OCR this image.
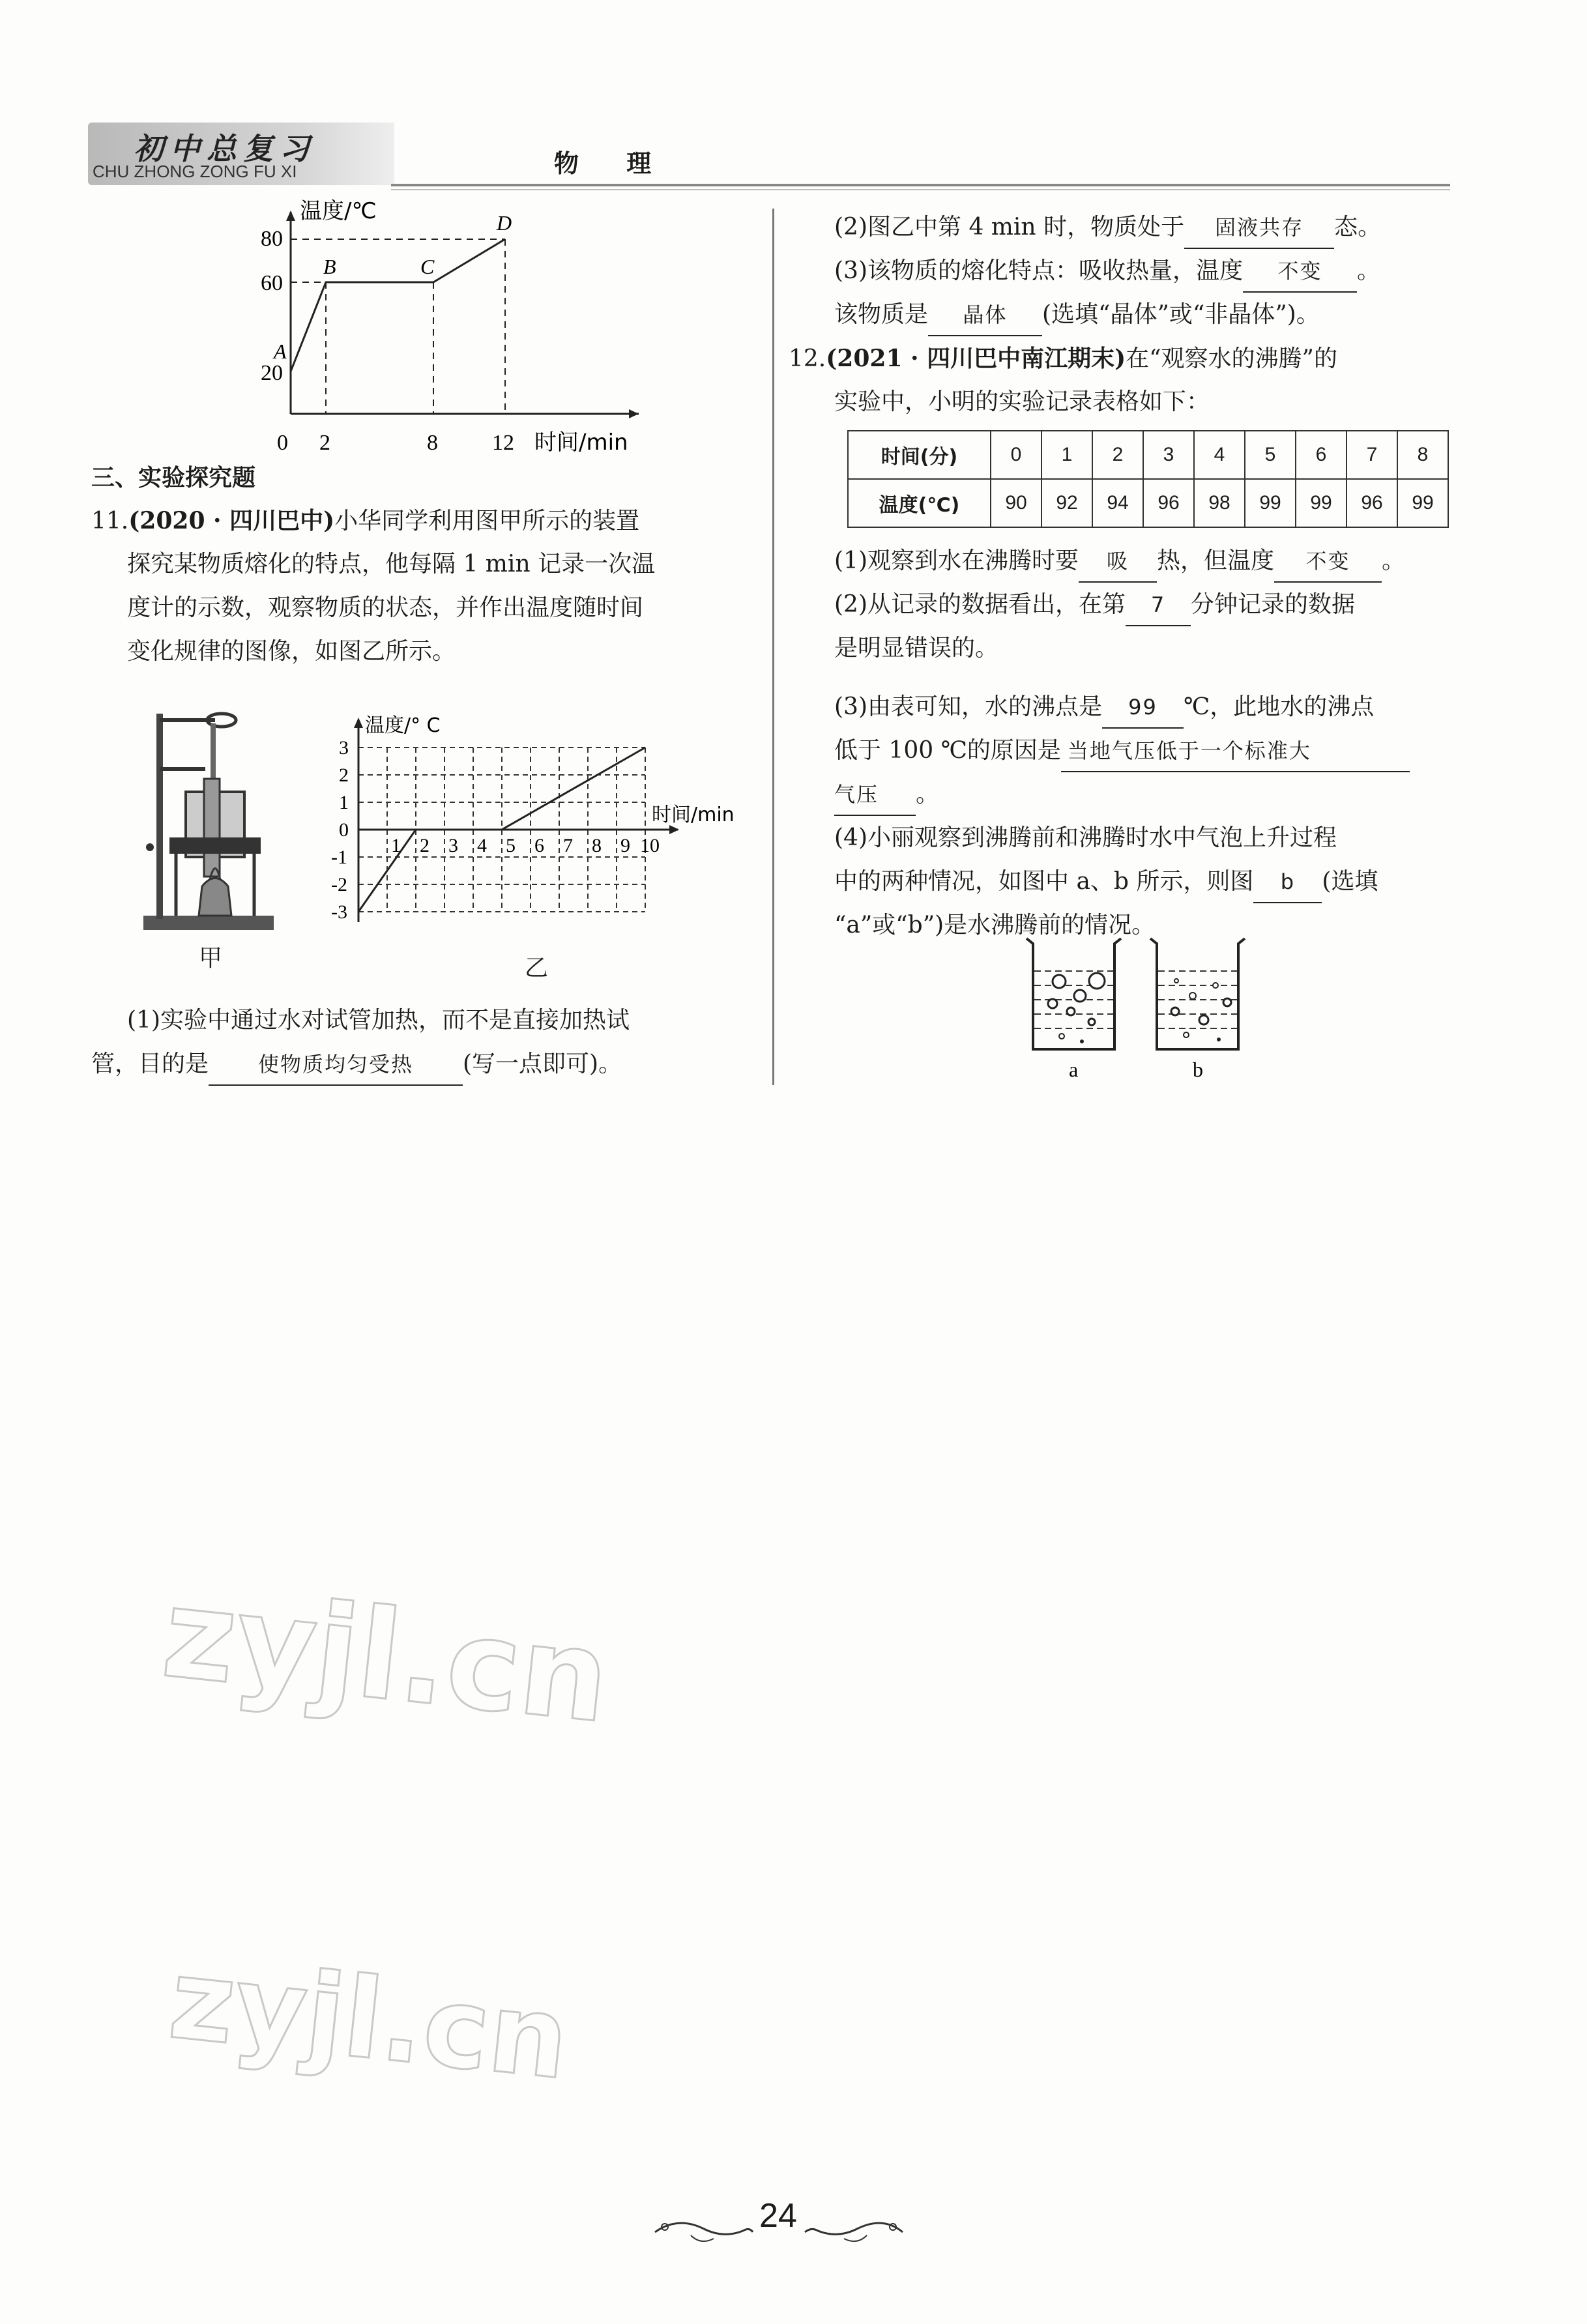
初中总复习
CHU ZHONG ZONG FU XI	物 理
温度/℃
时间/min
80
60
20
0 2	8 12
A
B	C
D
三、实验探究题
11.(2020 · 四川巴中)小华同学利用图甲所示的装置
探究某物质熔化的特点，他每隔 1 min 记录一次温
度计的示数，观察物质的状态，并作出温度随时间
变化规律的图像，如图乙所示。
甲
温度/° C
时间/min
3
2
1
0
-1
-2
-3
1 2 3 4 5 6 7 8 9 10
乙
(1)实验中通过水对试管加热，而不是直接加热试
管，目的是 使物质均匀受热 (写一点即可)。
(2)图乙中第 4 min 时，物质处于 固液共存 态。
(3)该物质的熔化特点：吸收热量，温度 不变 。
该物质是 晶体 (选填“晶体”或“非晶体”)。
12.(2021 · 四川巴中南江期末)在“观察水的沸腾”的
实验中，小明的实验记录表格如下：
时间(分)	0	1	2	3	4	5	6	7	8
温度(℃)	90	92	94	96	98	99	99	96	99
(1)观察到水在沸腾时要 吸 热，但温度 不变 。
(2)从记录的数据看出，在第 7 分钟记录的数据
是明显错误的。
(3)由表可知，水的沸点是 99 ℃，此地水的沸点
低于 100 ℃的原因是 当地气压低于一个标准大
气压 。
(4)小丽观察到沸腾前和沸腾时水中气泡上升过程
中的两种情况，如图中 a、b 所示，则图 b (选填
“a”或“b”)是水沸腾前的情况。
a	b
zyjl.cn
zyjl.cn
24
